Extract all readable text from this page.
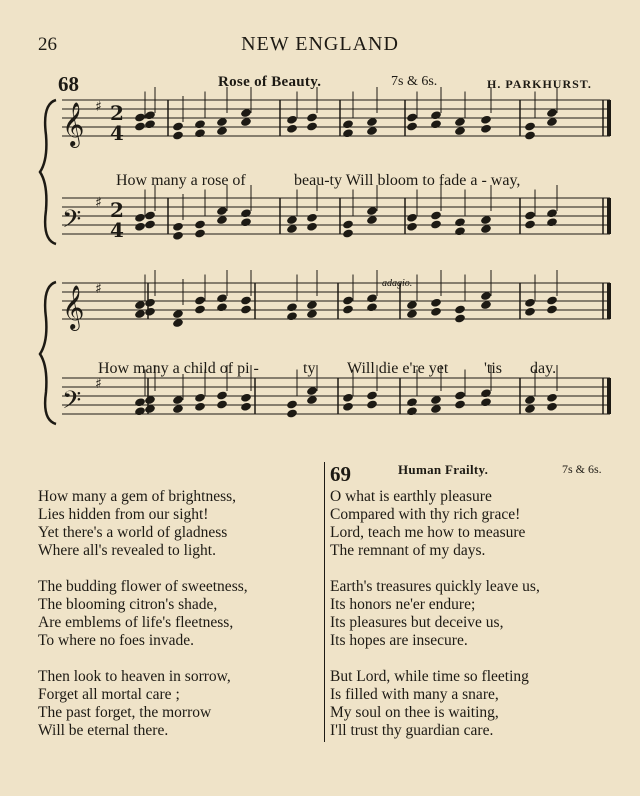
26	NEW ENGLAND
68	Rose of Beauty.	7s & 6s.	H. PARKHURST.
𝄞
𝄢
𝄞
𝄢
♯
♯
♯
♯
2
4
2
4
How many a rose of	beau-ty Will bloom to fade a - way,
adagio.
How many a child of pi -	ty Will die e're yet 'tis day.
How many a gem of brightness,
Lies hidden from our sight!
Yet there's a world of gladness
Where all's revealed to light.
The budding flower of sweetness,
The blooming citron's shade,
Are emblems of life's fleetness,
To where no foes invade.
Then look to heaven in sorrow,
Forget all mortal care ;
The past forget, the morrow
Will be eternal there.
69	Human Frailty.	7s & 6s.
O what is earthly pleasure
Compared with thy rich grace!
Lord, teach me how to measure
The remnant of my days.
Earth's treasures quickly leave us,
Its honors ne'er endure;
Its pleasures but deceive us,
Its hopes are insecure.
But Lord, while time so fleeting
Is filled with many a snare,
My soul on thee is waiting,
I'll trust thy guardian care.
